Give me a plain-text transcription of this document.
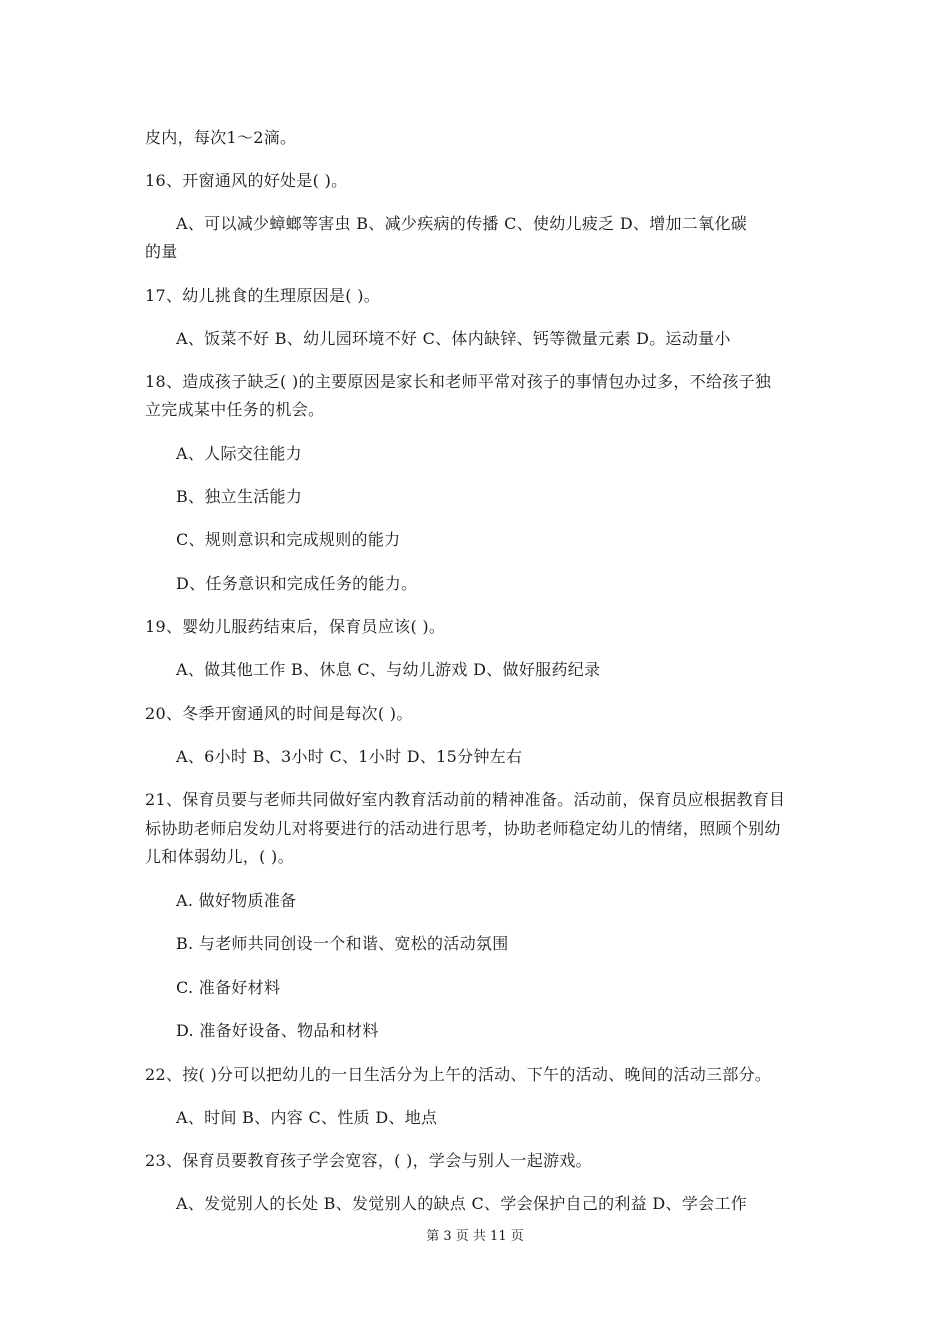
皮内，每次1～2滴。
16、开窗通风的好处是( )。
A、可以减少蟑螂等害虫 B、减少疾病的传播 C、使幼儿疲乏 D、增加二氧化碳
的量
17、幼儿挑食的生理原因是( )。
A、饭菜不好 B、幼儿园环境不好 C、体内缺锌、钙等微量元素 D。运动量小
18、造成孩子缺乏( )的主要原因是家长和老师平常对孩子的事情包办过多，不给孩子独
立完成某中任务的机会。
A、人际交往能力
B、独立生活能力
C、规则意识和完成规则的能力
D、任务意识和完成任务的能力。
19、婴幼儿服药结束后，保育员应该( )。
A、做其他工作 B、休息 C、与幼儿游戏 D、做好服药纪录
20、冬季开窗通风的时间是每次( )。
A、6小时 B、3小时 C、1小时 D、15分钟左右
21、保育员要与老师共同做好室内教育活动前的精神准备。活动前，保育员应根据教育目
标协助老师启发幼儿对将要进行的活动进行思考，协助老师稳定幼儿的情绪，照顾个别幼
儿和体弱幼儿，( )。
A. 做好物质准备
B. 与老师共同创设一个和谐、宽松的活动氛围
C. 准备好材料
D. 准备好设备、物品和材料
22、按( )分可以把幼儿的一日生活分为上午的活动、下午的活动、晚间的活动三部分。
A、时间 B、内容 C、性质 D、地点
23、保育员要教育孩子学会宽容，( )，学会与别人一起游戏。
A、发觉别人的长处 B、发觉别人的缺点 C、学会保护自己的利益 D、学会工作
第 3 页 共 11 页
